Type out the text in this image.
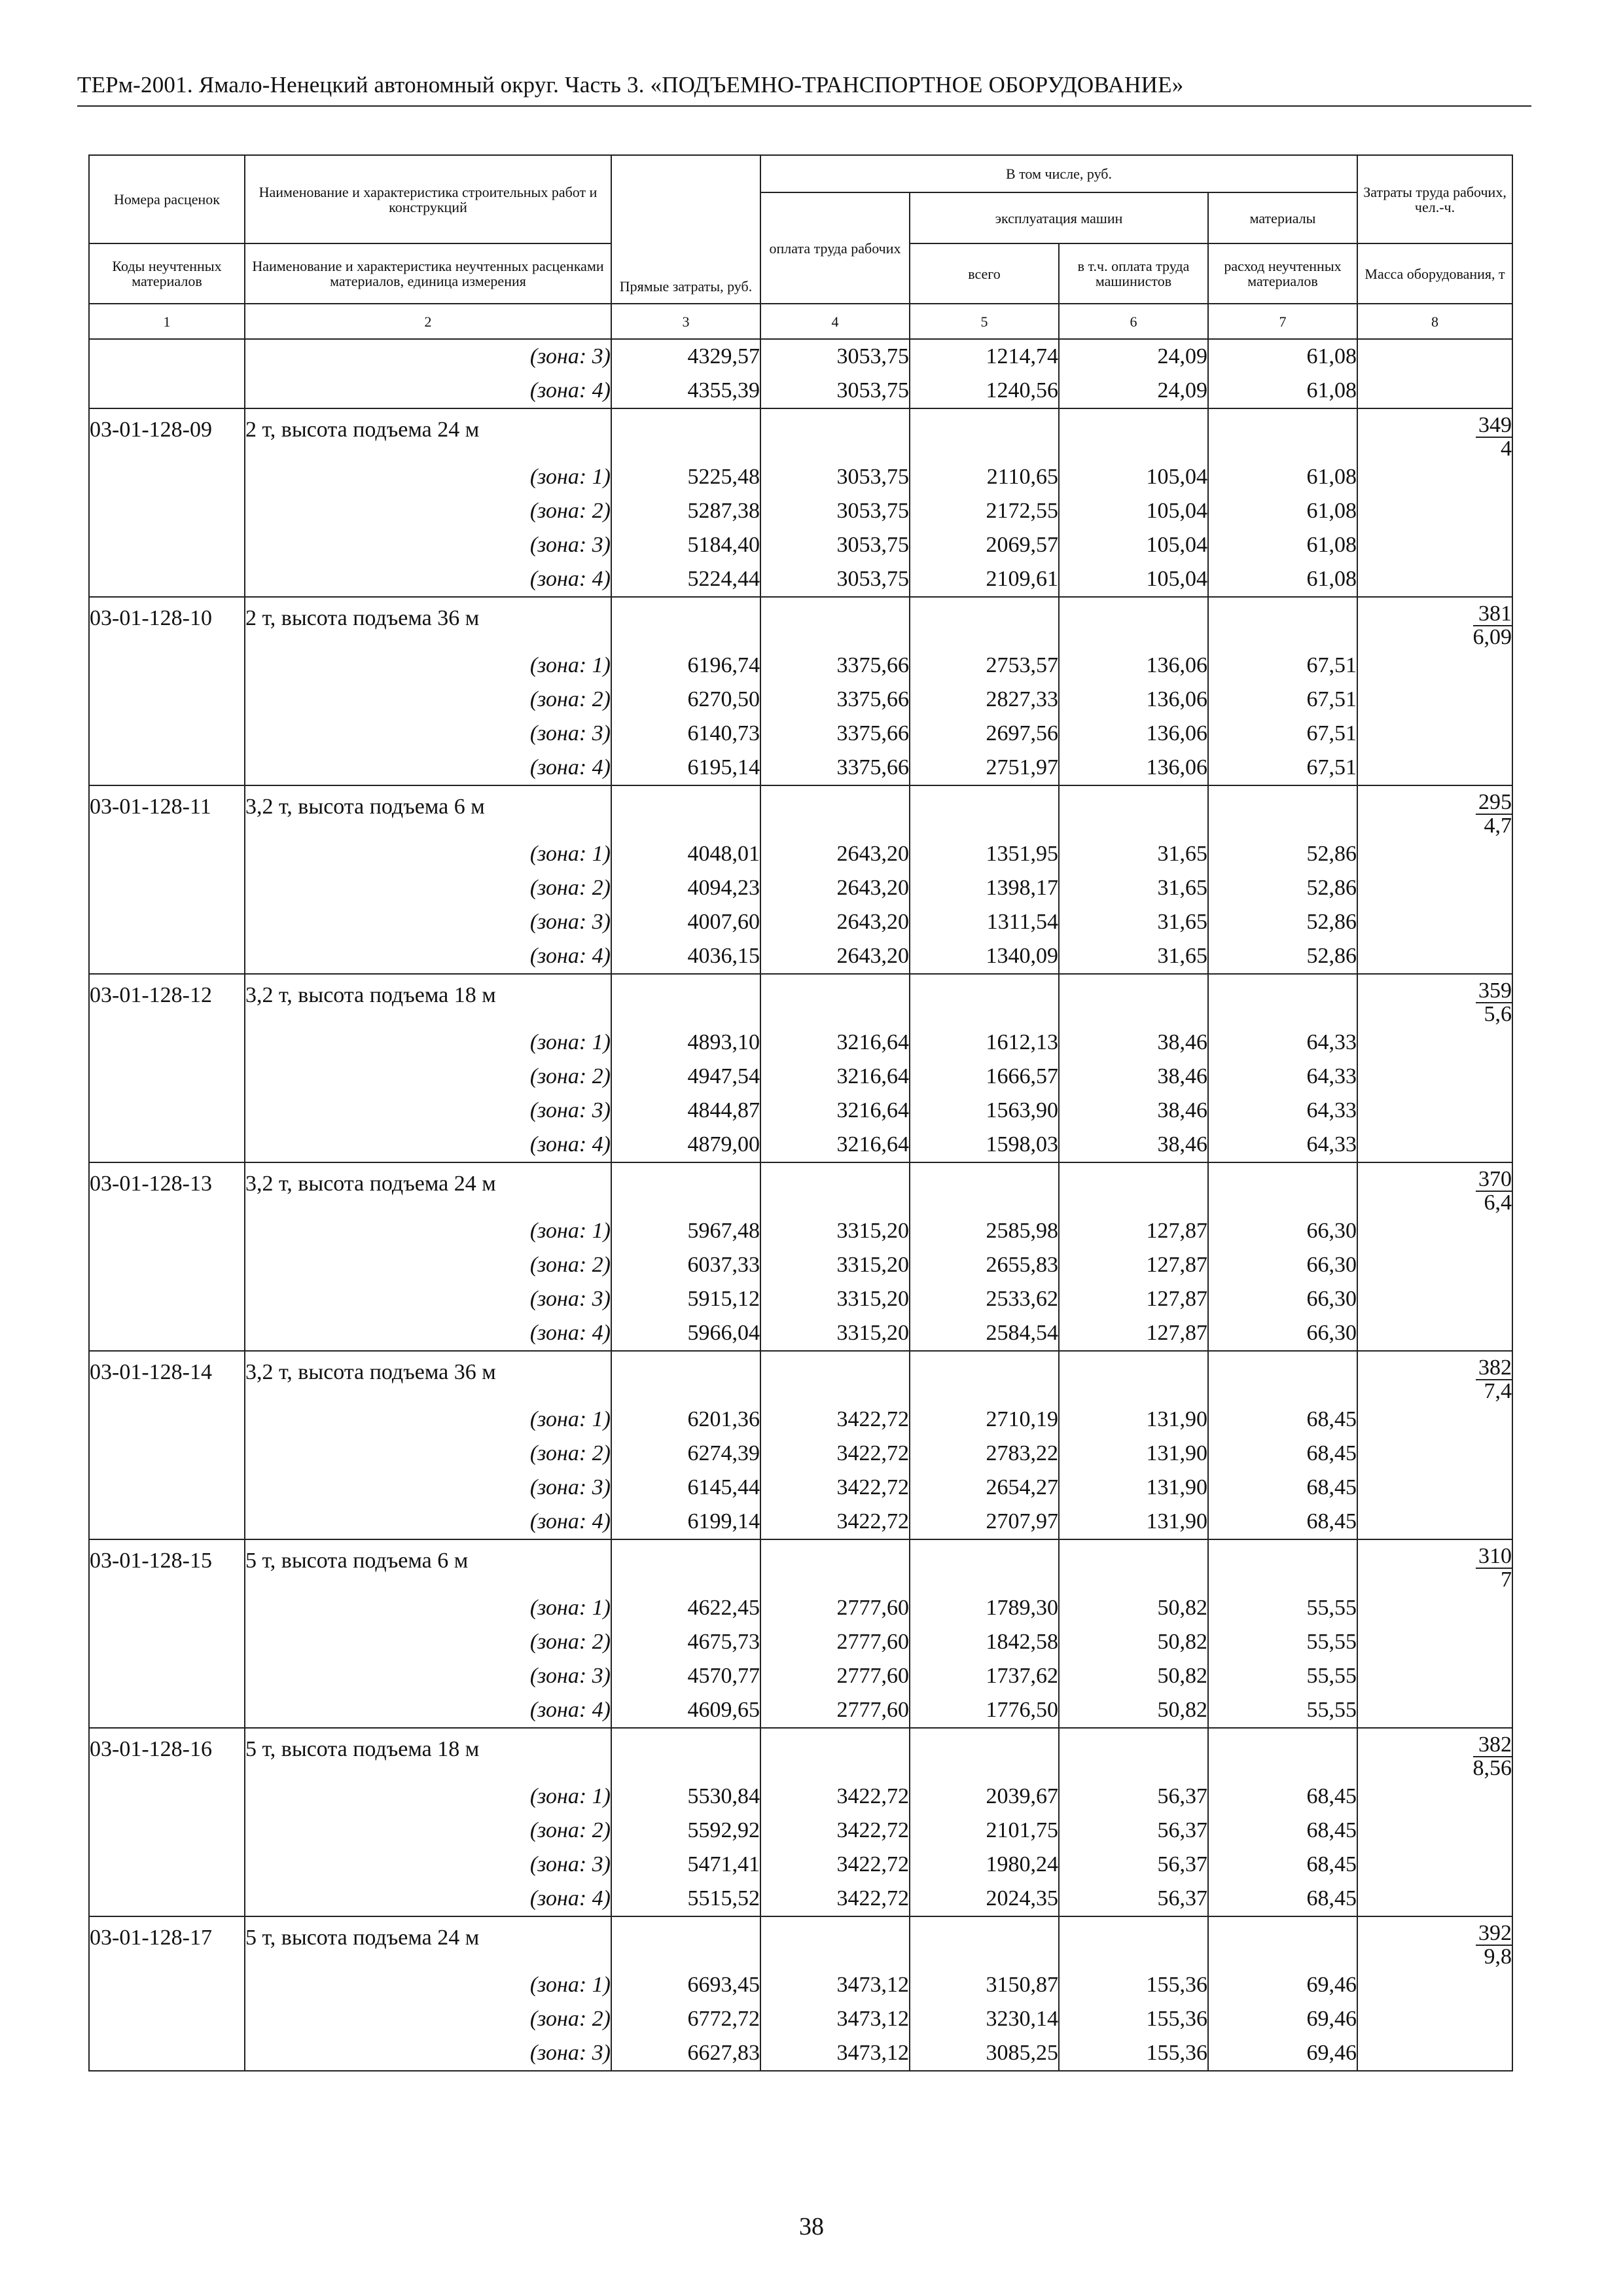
ТЕРм-2001. Ямало-Ненецкий автономный округ. Часть 3. «ПОДЪЕМНО-ТРАНСПОРТНОЕ ОБОРУДОВАНИЕ»
Номера расценок	Наименование и характеристика строительных работ и конструкций	Прямые затраты, руб.	В том числе, руб.				Затраты труда рабочих, чел.-ч.
			оплата труда рабочих	эксплуатация машин		материалы	
Коды неучтенных материалов	Наименование и характеристика неучтенных расценками материалов, единица измерения			всего	в т.ч. оплата труда машинистов	расход неучтенных материалов	Масса оборудования, т
1	2	3	4	5	6	7	8
	(зона: 3)	4329,57	3053,75	1214,74	24,09	61,08	
	(зона: 4)	4355,39	3053,75	1240,56	24,09	61,08	
03-01-128-09	2 т, высота подъема 24 м						$\frac{349}{4}$

	(зона: 1)	5225,48	3053,75	2110,65	105,04	61,08	
	(зона: 2)	5287,38	3053,75	2172,55	105,04	61,08	
	(зона: 3)	5184,40	3053,75	2069,57	105,04	61,08	
	(зона: 4)	5224,44	3053,75	2109,61	105,04	61,08	
03-01-128-10	2 т, высота подъема 36 м						$\frac{381}{6,09}$

	(зона: 1)	6196,74	3375,66	2753,57	136,06	67,51	
	(зона: 2)	6270,50	3375,66	2827,33	136,06	67,51	
	(зона: 3)	6140,73	3375,66	2697,56	136,06	67,51	
	(зона: 4)	6195,14	3375,66	2751,97	136,06	67,51	
03-01-128-11	3,2 т, высота подъема 6 м						$\frac{295}{4,7}$

	(зона: 1)	4048,01	2643,20	1351,95	31,65	52,86	
	(зона: 2)	4094,23	2643,20	1398,17	31,65	52,86	
	(зона: 3)	4007,60	2643,20	1311,54	31,65	52,86	
	(зона: 4)	4036,15	2643,20	1340,09	31,65	52,86	
03-01-128-12	3,2 т, высота подъема 18 м						$\frac{359}{5,6}$

	(зона: 1)	4893,10	3216,64	1612,13	38,46	64,33	
	(зона: 2)	4947,54	3216,64	1666,57	38,46	64,33	
	(зона: 3)	4844,87	3216,64	1563,90	38,46	64,33	
	(зона: 4)	4879,00	3216,64	1598,03	38,46	64,33	
03-01-128-13	3,2 т, высота подъема 24 м						$\frac{370}{6,4}$

	(зона: 1)	5967,48	3315,20	2585,98	127,87	66,30	
	(зона: 2)	6037,33	3315,20	2655,83	127,87	66,30	
	(зона: 3)	5915,12	3315,20	2533,62	127,87	66,30	
	(зона: 4)	5966,04	3315,20	2584,54	127,87	66,30	
03-01-128-14	3,2 т, высота подъема 36 м						$\frac{382}{7,4}$

	(зона: 1)	6201,36	3422,72	2710,19	131,90	68,45	
	(зона: 2)	6274,39	3422,72	2783,22	131,90	68,45	
	(зона: 3)	6145,44	3422,72	2654,27	131,90	68,45	
	(зона: 4)	6199,14	3422,72	2707,97	131,90	68,45	
03-01-128-15	5 т, высота подъема 6 м						$\frac{310}{7}$

	(зона: 1)	4622,45	2777,60	1789,30	50,82	55,55	
	(зона: 2)	4675,73	2777,60	1842,58	50,82	55,55	
	(зона: 3)	4570,77	2777,60	1737,62	50,82	55,55	
	(зона: 4)	4609,65	2777,60	1776,50	50,82	55,55	
03-01-128-16	5 т, высота подъема 18 м						$\frac{382}{8,56}$

	(зона: 1)	5530,84	3422,72	2039,67	56,37	68,45	
	(зона: 2)	5592,92	3422,72	2101,75	56,37	68,45	
	(зона: 3)	5471,41	3422,72	1980,24	56,37	68,45	
	(зона: 4)	5515,52	3422,72	2024,35	56,37	68,45	
03-01-128-17	5 т, высота подъема 24 м						$\frac{392}{9,8}$

	(зона: 1)	6693,45	3473,12	3150,87	155,36	69,46	
	(зона: 2)	6772,72	3473,12	3230,14	155,36	69,46	
	(зона: 3)	6627,83	3473,12	3085,25	155,36	69,46	
38
